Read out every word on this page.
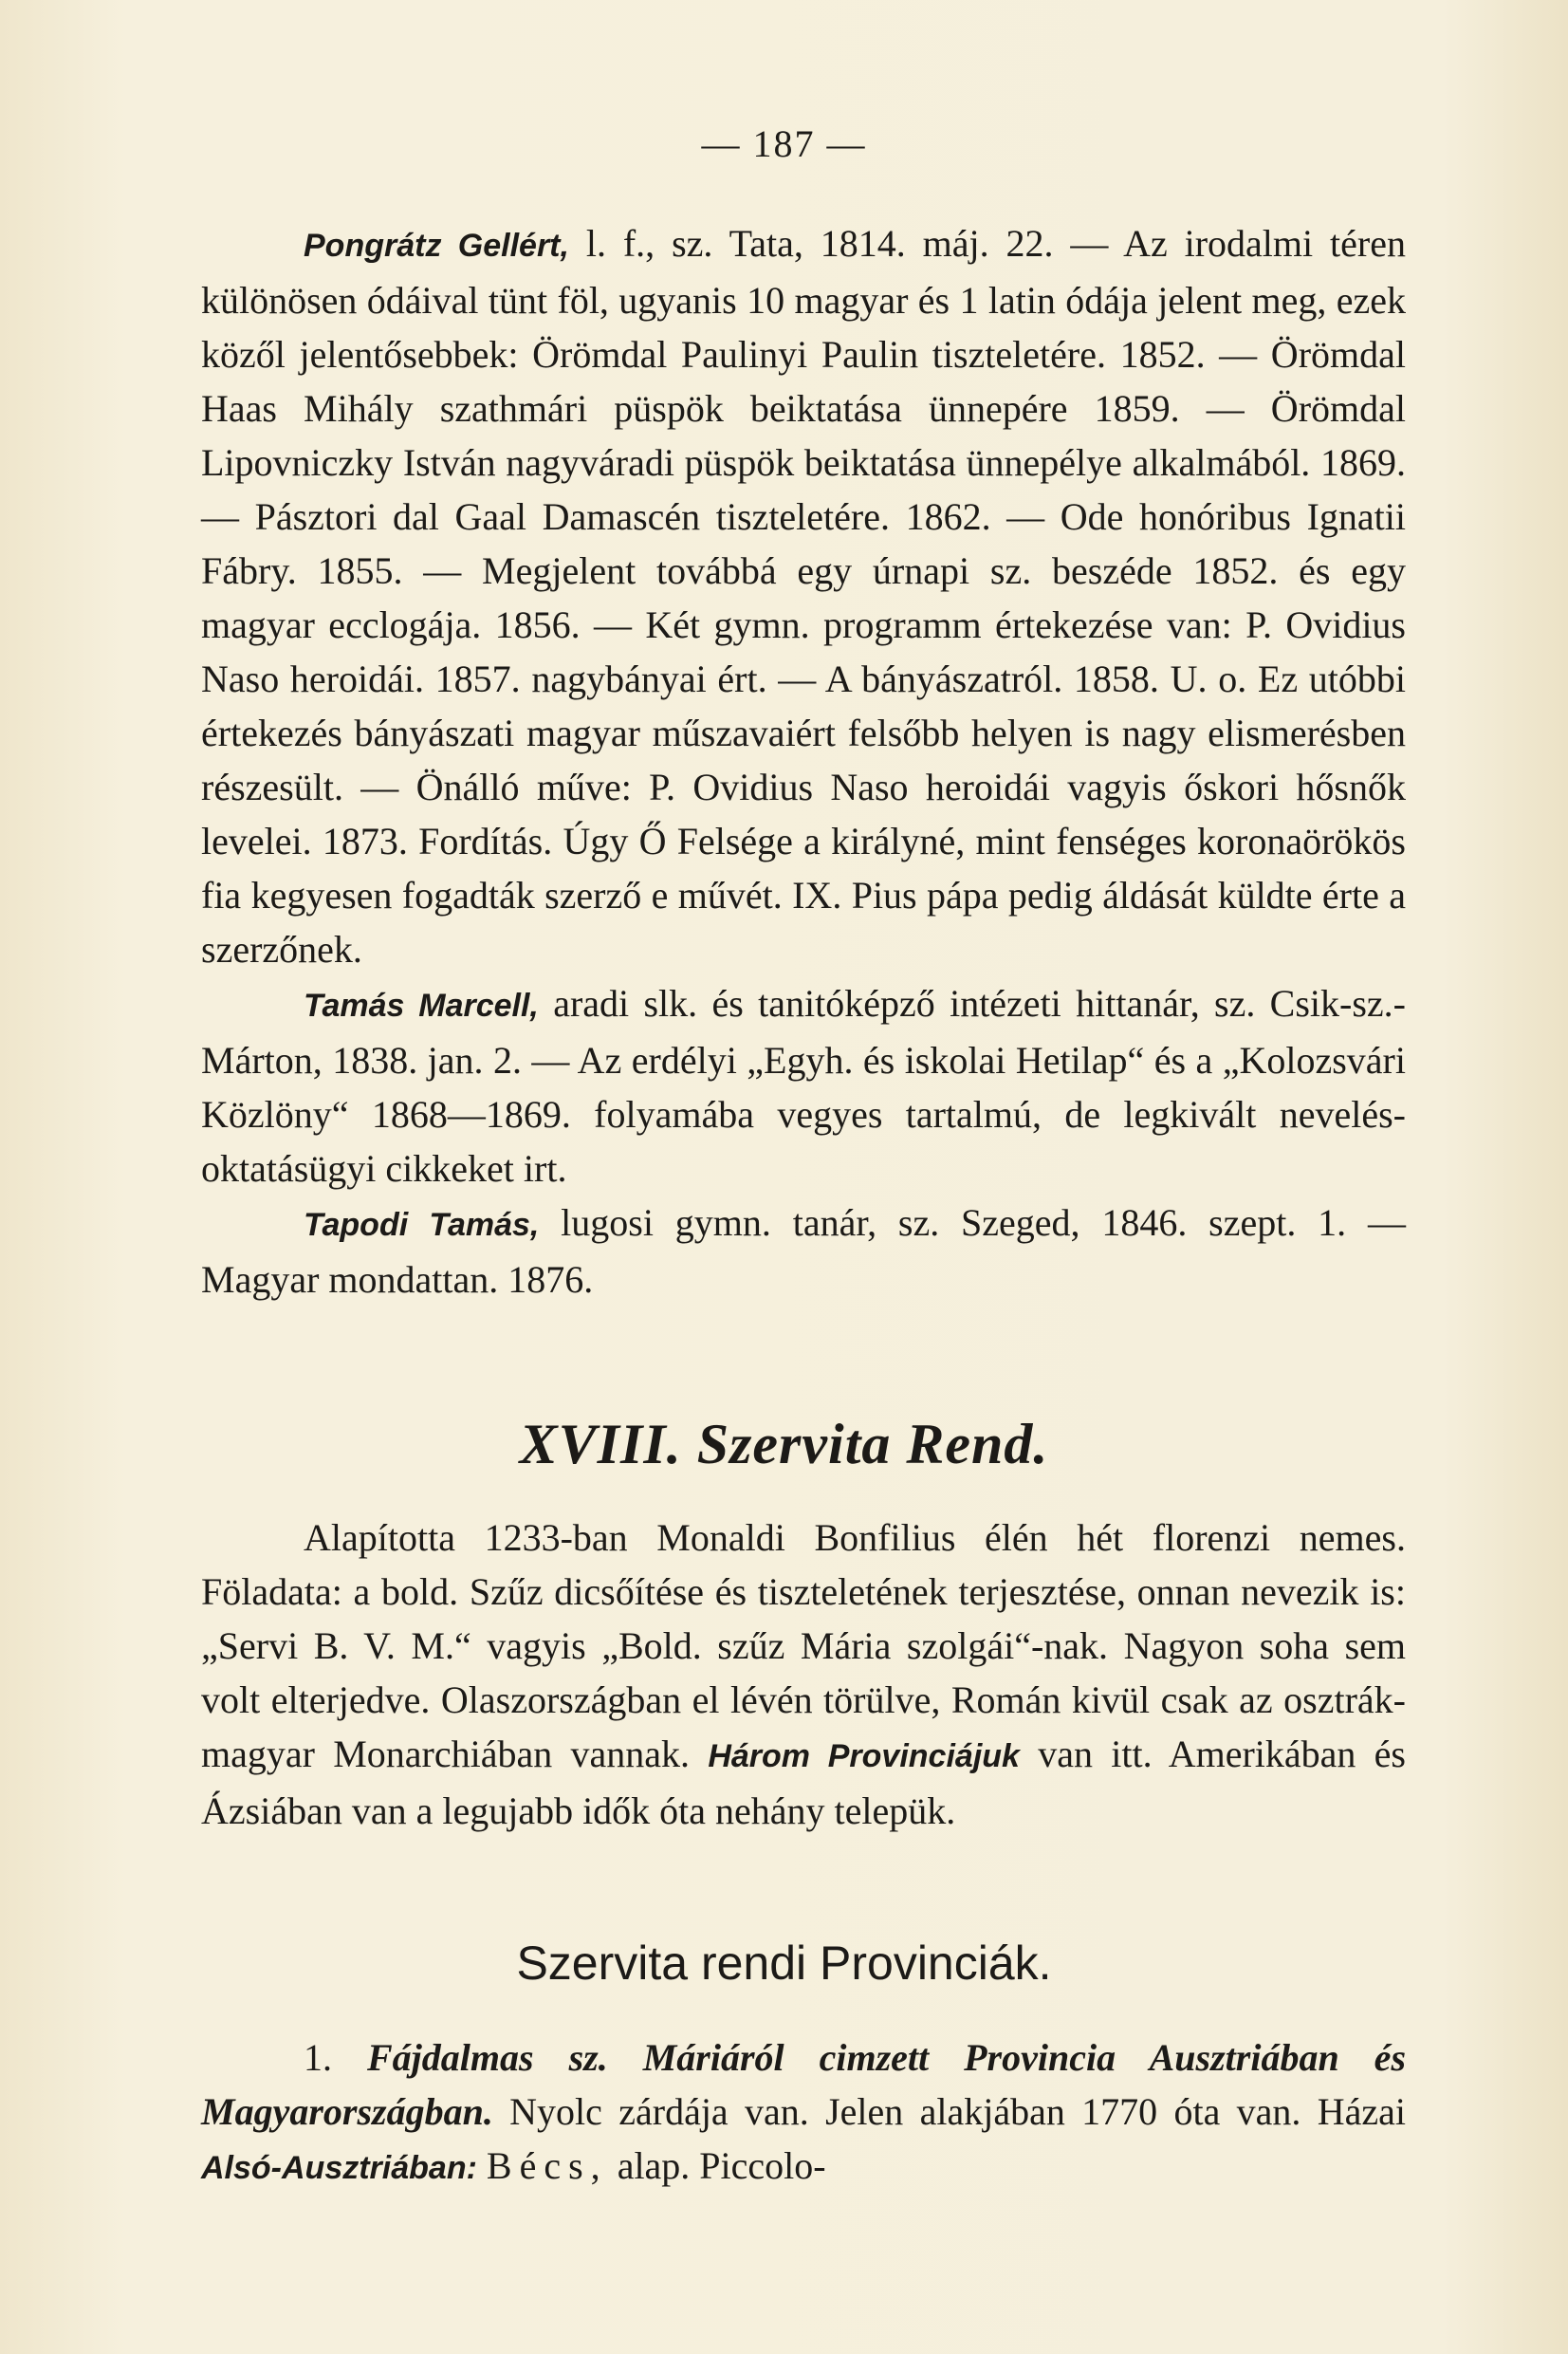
— 187 —

Pongrátz Gellért, l. f., sz. Tata, 1814. máj. 22. — Az irodalmi téren különösen ódáival tünt föl, ugyanis 10 magyar és 1 latin ódája jelent meg, ezek közől jelentősebbek: Örömdal Paulinyi Paulin tiszteletére. 1852. — Örömdal Haas Mihály szathmári püspök beiktatása ünnepére 1859. — Örömdal Lipovniczky István nagyváradi püspök beiktatása ünnepélye alkalmából. 1869. — Pásztori dal Gaal Damascén tiszteletére. 1862. — Ode honóribus Ignatii Fábry. 1855. — Megjelent továbbá egy úrnapi sz. beszéde 1852. és egy magyar ecclogája. 1856. — Két gymn. programm értekezése van: P. Ovidius Naso heroidái. 1857. nagybányai ért. — A bányászatról. 1858. U. o. Ez utóbbi értekezés bányászati magyar műszavaiért felsőbb helyen is nagy elismerésben részesült. — Önálló műve: P. Ovidius Naso heroidái vagyis őskori hősnők levelei. 1873. Fordítás. Úgy Ő Felsége a királyné, mint fenséges koronaörökös fia kegyesen fogadták szerző e művét. IX. Pius pápa pedig áldását küldte érte a szerzőnek.

Tamás Marcell, aradi slk. és tanitóképző intézeti hittanár, sz. Csik-sz.-Márton, 1838. jan. 2. — Az erdélyi „Egyh. és iskolai Hetilap“ és a „Kolozsvári Közlöny“ 1868—1869. folyamába vegyes tartalmú, de legkivált nevelés-oktatásügyi cikkeket irt.

Tapodi Tamás, lugosi gymn. tanár, sz. Szeged, 1846. szept. 1. — Magyar mondattan. 1876.

XVIII. Szervita Rend.

Alapította 1233-ban Monaldi Bonfilius élén hét florenzi nemes. Föladata: a bold. Szűz dicsőítése és tiszteletének terjesztése, onnan nevezik is: „Servi B. V. M.“ vagyis „Bold. szűz Mária szolgái“-nak. Nagyon soha sem volt elterjedve. Olaszországban el lévén törülve, Román kivül csak az osztrák-magyar Monarchiában vannak. Három Provinciájuk van itt. Amerikában és Ázsiában van a legujabb idők óta nehány telepük.

Szervita rendi Provinciák.

1. Fájdalmas sz. Máriáról cimzett Provincia Ausztriában és Magyarországban. Nyolc zárdája van. Jelen alakjában 1770 óta van. Házai Alsó-Ausztriában: Bécs, alap. Piccolo-
